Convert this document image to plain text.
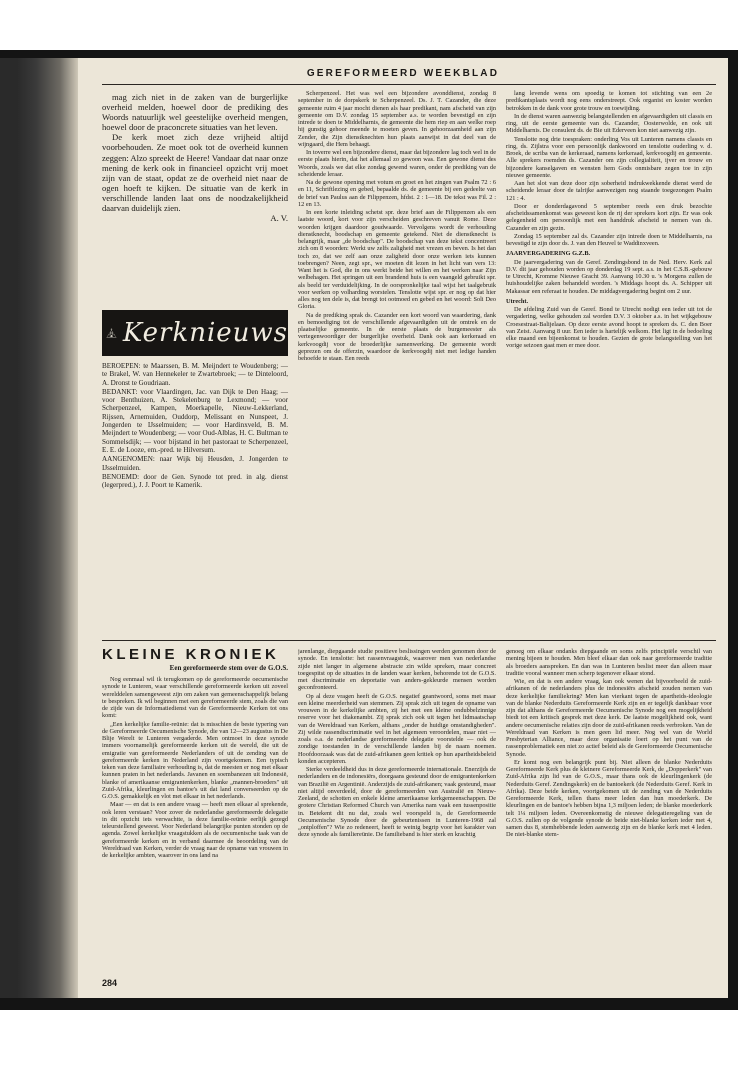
GEREFORMEERD WEEKBLAD

mag zich niet in de zaken van de burgerlijke overheid melden, hoewel door de prediking des Woords natuurlijk wel geestelijke overheid mengen, hoewel door de praconcrete situaties van het leven.

De kerk moet zich deze vrijheid altijd voorbehouden. Ze moet ook tot de overheid kunnen zeggen: Alzo spreekt de Heere! Vandaar dat naar onze mening de kerk ook in financieel opzicht vrij moet zijn van de staat, opdat ze de overheid niet naar de ogen hoeft te kijken. De situatie van de kerk in verschillende landen laat ons de noodzakelijkheid daarvan duidelijk zien.

A. V.
Kerknieuws

BEROEPEN: te Maarssen, B. M. Meijndert te Woudenberg; — te Brakel, W. van Hennekeler te Zwartebroek; — te Dinteloord, A. Dronst te Goudriaan.

BEDANKT: voor Vlaardingen, Jac. van Dijk te Den Haag; — voor Benthuizen, A. Stekelenburg te Lexmond; — voor Scherpenzeel, Kampen, Moerkapelle, Nieuw-Lekkerland, Rijssen, Arnemuiden, Ouddorp, Melissant en Nunspeet, J. Jongerden te IJsselmuiden; — voor Hardinxveld, B. M. Meijndert te Woudenberg; — voor Oud-Alblas, H. C. Bultman te Sommelsdijk; — voor bijstand in het pastoraat te Scherpenzeel, E. E. de Looze, em.-pred. te Hilversum.

AANGENOMEN: naar Wijk bij Heusden, J. Jongerden te IJsselmuiden.

BENOEMD: door de Gen. Synode tot pred. in alg. dienst (legerpred.), J. J. Poort te Kamerik.

Scherpenzeel. Het was wel een bijzondere avonddienst, zondag 8 september in de dorpskerk te Scherpenzeel. Ds. J. T. Cazander, die deze gemeente ruim 4 jaar mocht dienen als haar predikant, nam afscheid van zijn gemeente om D.V. zondag 15 september a.s. te worden bevestigd en zijn intrede te doen te Middelharnis, de gemeente die hem riep en aan welke roep hij gunstig gehoor meende te moeten geven. In gehoorzaamheid aan zijn Zender, die Zijn dienstknechten hun plaats aanwijst in dat deel van de wijngaard, die Hem behaagt.

In toverre wel een bijzondere dienst, maar dat bijzondere lag toch wel in de eerste plaats hierin, dat het allemaal zo gewoon was. Een gewone dienst des Woords, zoals we dat elke zondag gewend waren, onder de prediking van de scheidende leraar.

Na de gewone opening met votum en groet en het zingen van Psalm 72 : 6 en 11, Schriftlezing en gebed, bepaalde ds. de gemeente bij een gedeelte van de brief van Paulus aan de Filippenzen, hfdst. 2 : 1—18. De tekst was Fil. 2 : 12 en 13.

In een korte inleiding schetst spr. deze brief aan de Filippenzen als een laatste woord, kort voor zijn verscheiden geschreven vanuit Rome. Deze woorden krijgen daardoor goudwaarde. Vervolgens wordt de verhouding dienstknecht, boodschap en gemeente getekend. Niet de dienstknecht is belangrijk, maar „de boodschap". De boodschap van deze tekst concentreert zich om 8 woorden: Werkt uw zelfs zaligheid met vrezen en beven. Is het dan toch zo, dat we zelf aan onze zaligheid door onze werken iets kunnen toebrengen? Neen, zegt spr., we moeten dit lezen in het licht van vers 13: Want het is God, die in ons werkt beide het willen en het werken naar Zijn welbehagen. Het springen uit een brandend huis is een vaangeld gebruikt spr. als beeld ter verduidelijking. In de oorspronkelijke taal wijst het taalgebruik voor werken op volharding worstelen. Tenslotte wijst spr. er nog op dat hier alles nog ten dele is, dat brengt tot ootmoed en gebed en het woord: Soli Deo Gloria.

Na de prediking sprak ds. Cazander een kort woord van waardering, dank en bemoediging tot de verschillende afgevaardigden uit de omtrek en de plaatselijke gemeente. In de eerste plaats de burgemeester als vertegenwoordiger der burgerlijke overheid. Dank ook aan kerkeraad en kerkvoogdij voor de broederlijke samenwerking. De gemeente wordt geprezen om de offerzin, waardoor de kerkvoogdij niet met ledige handen behoefde te staan. Een reeds

lang levende wens om spoedig te komen tot stichting van een 2e predikantsplaats wordt nog eens onderstreept. Ook organist en koster worden betrokken in de dank voor grote trouw en toewijding.

In de dienst waren aanwezig belangstellenden en afgevaardigden uit classis en ring, uit de eerste gemeente van ds. Cazander, Oosterwolde, en ook uit Middelharnis. De consulent ds. de Bie uit Ederveen kon niet aanwezig zijn.

Tenslotte nog drie toespraken: onderling Vos uit Lunteren namens classis en ring, ds. Zijlstra voor een persoonlijk dankwoord en tenslotte ouderling v. d. Broek, de scriba van de kerkeraad, namens kerkeraad, kerkvoogdij en gemeente. Alle sprekers roemden ds. Cazander om zijn collegialiteit, ijver en trouw en bijzondere kanselgaven en wensten hem Gods onmisbare zegen toe in zijn nieuwe gemeente.

Aan het slot van deze door zijn soberheid indrukwekkende dienst werd de scheidende leraar door de talrijke aanwezigen nog staande toegezongen Psalm 121 : 4.

Door er donderdagavond 5 september reeds een druk bezochte afscheidssamenkomst was geweest kon de rij der sprekers kort zijn. Er was ook gelegenheid om persoonlijk met een handdruk afscheid te nemen van ds. Cazander en zijn gezin.

Zondag 15 september zal ds. Cazander zijn intrede doen te Middelharnis, na bevestigd te zijn door ds. J. van den Heuvel te Waddinxveen.

JAARVERGADERING G.Z.B.

De jaarvergadering van de Geref. Zendingsbond in de Ned. Herv. Kerk zal D.V. dit jaar gehouden worden op donderdag 19 sept. a.s. in het C.S.B.-gebouw te Utrecht, Kromme Nieuwe Gracht 39. Aanvang 10.30 u. 's Morgens zullen de huishoudelijke zaken behandeld worden. 's Middags hoopt ds. A. Schipper uit Makassar een referaat te houden. De middagvergadering begint om 2 uur.

Utrecht.

De afdeling Zuid van de Geref. Bond te Utrecht nodigt een ieder uit tot de vergadering, welke gehouden zal worden D.V. 3 oktober a.s. in het wijkgebouw Croesestraat-Balijelaan. Op deze eerste avond hoopt te spreken ds. C. den Boer van Zeist. Aanvang 8 uur. Een ieder is hartelijk welkom. Het ligt in de bedoeling elke maand een bijeenkomst te houden. Gezien de grote belangstelling van het vorige seizoen gaat men er mee door.

KLEINE KRONIEK
Een gereformeerde stem over de G.O.S.

Nog eenmaal wil ik terugkomen op de gereformeerde oecumenische synode te Lunteren, waar verschillende gereformeerde kerken uit zoveel werelddelen samengeweest zijn om zaken van gemeenschappelijk belang te bespreken. Ik wil beginnen met een gereformeerde stem, zoals die van de zijde van de Informatiedienst van de Gereformeerde Kerken tot ons komt:

„Een kerkelijke familie-reünie: dat is misschien de beste typering van de Gereformeerde Oecumenische Synode, die van 12—23 augustus in De Blije Werelt te Lunteren vergaderde. Men ontmoet in deze synode immers voornamelijk gereformeerde kerken uit de wereld, die uit de emigratie van gereformeerde Nederlanders of uit de zending van de gereformeerde kerken in Nederland zijn voortgekomen. Een typisch teken van deze familiaire verhouding is, dat de meesten er nog met elkaar kunnen praten in het nederlands. Javanen en soembanezen uit Indonesië, blanke of amerikaanse emigrantenkerken, blanke „mannen-broeders" uit Zuid-Afrika, kleurlingen en bantoe's uit dat land converseerden op de G.O.S. gemakkelijk en vlot met elkaar in het nederlands.

Maar — en dat is een andere vraag — heeft men elkaar al sprekende, ook leren verstaan? Voor zover de nederlandse gereformeerde delegatie in dit opzicht iets verwachtte, is deze familie-reünie eerlijk gezegd teleurstellend geweest. Voor Nederland belangrijke punten stonden op de agenda. Zowel kerkelijke vraagstukken als de oecumenische taak van de gereformeerde kerken en in verband daarmee de beoordeling van de Wereldraad van Kerken, verder de vraag naar de opname van vrouwen in de kerkelijke ambten, waarover in ons land na

jarenlange, diepgaande studie positieve beslissingen werden genomen door de synode. En tenslotte: het rassenvraagstuk, waarover men van nederlandse zijde niet langer in algemene abstracte zin wilde spreken, maar concreet toegespitst op de situaties in de landen waar kerken, behorende tot de G.O.S. met discriminatie en deportatie van anders-gekleurde mensen worden geconfronteerd.

Op al deze vragen heeft de G.O.S. negatief geantwoord, soms met maar een kleine meerderheid van stemmen. Zij sprak zich uit tegen de opname van vrouwen in de kerkelijke ambten, zij het met een kleine ondubbelzinnige reserve voor het diakenambt. Zij sprak zich ook uit tegen het lidmaatschap van de Wereldraad van Kerken, althans „onder de huidige omstandigheden". Zij wilde rassendiscriminatie wel in het algemeen veroordelen, maar niet — zoals o.a. de nederlandse gereformeerde delegatie voorstelde — ook de zondige toestanden in de verschillende landen bij de naam noemen. Hoofdoorzaak was dat de zuid-afrikanen geen kritiek op hun apartheidsbeleid konden accepteren.

Sterke verdeeldheid dus in deze gereformeerde internationale. Enerzijds de nederlanders en de indonesiërs, doorgaans gesteund door de emigrantenkerken van Brazilië en Argentinië. Anderzijds de zuid-afrikanen; vaak gesteund, maar niet altijd onverdeeld, door de gereformeerden van Australië en Nieuw-Zeeland, de schotten en enkele kleine amerikaanse kerkgemeenschappen. De grotere Christian Reformed Church van Amerika nam vaak een tussenpositie in. Betekent dit nu dat, zoals wel voorspeld is, de Gereformeerde Oecumenische Synode door de gebeurtenissen in Lunteren-1968 zal „ontploffen"? Wie zo redeneert, heeft te weinig begrip voor het karakter van deze synode als familiereünie. De familieband is hier sterk en krachtig

genoeg om elkaar ondanks diepgaande en soms zelfs principiële verschil van mening bijeen te houden. Men bleef elkaar dan ook naar gereformeerde traditie als broeders aanspreken. En dan was in Lunteren beslist meer dan alleen maar traditie vooral wanneer men scherp tegenover elkaar stond.

Wie, en dat is een andere vraag, kan ook wenen dat bijvoorbeeld de zuid-afrikanen of de nederlanders plus de indonesiërs afscheid zouden nemen van deze kerkelijke familiekring? Men kan vierkant tegen de apartheids-ideologie van de blanke Nederduits Gereformeerde Kerk zijn en er tegelijk dankbaar voor zijn dat althans de Gereformeerde Oecumenische Synode nog een mogelijkheid biedt tot een kritisch gesprek met deze kerk. De laatste mogelijkheid ook, want andere oecumenische relaties zijn door de zuid-afrikanen reeds verbroken. Van de Wereldraad van Kerken is men geen lid meer. Nog wel van de World Presbyterian Alliance, maar deze organisatie loert op het punt van de rassenproblematiek een niet zo actief beleid als de Gereformeerde Oecumenische Synode.

Er komt nog een belangrijk punt bij. Niet alleen de blanke Nederduits Gereformeerde Kerk plus de kleinere Gereformeerde Kerk, de „Dopperkerk" van Zuid-Afrika zijn lid van de G.O.S., maar thans ook de kleurlingenkerk (de Nederduits Geref. Zendingskerk) en de bantoekerk (de Nederduits Geref. Kerk in Afrika). Deze beide kerken, voortgekomen uit de zending van de Nederduits Gereformeerde Kerk, tellen thans meer leden dan hun moederkerk. De kleurlingen en de bantoe's hebben bijna 1,3 miljoen leden; de blanke moederkerk telt 1¼ miljoen leden. Overeenkomstig de nieuwe delegatieregeling van de G.O.S. zullen op de volgende synode de beide niet-blanke kerken ieder met 4, samen dus 8, stemhebbende leden aanwezig zijn en de blanke kerk met 4 leden. De niet-blanke stem-

284
